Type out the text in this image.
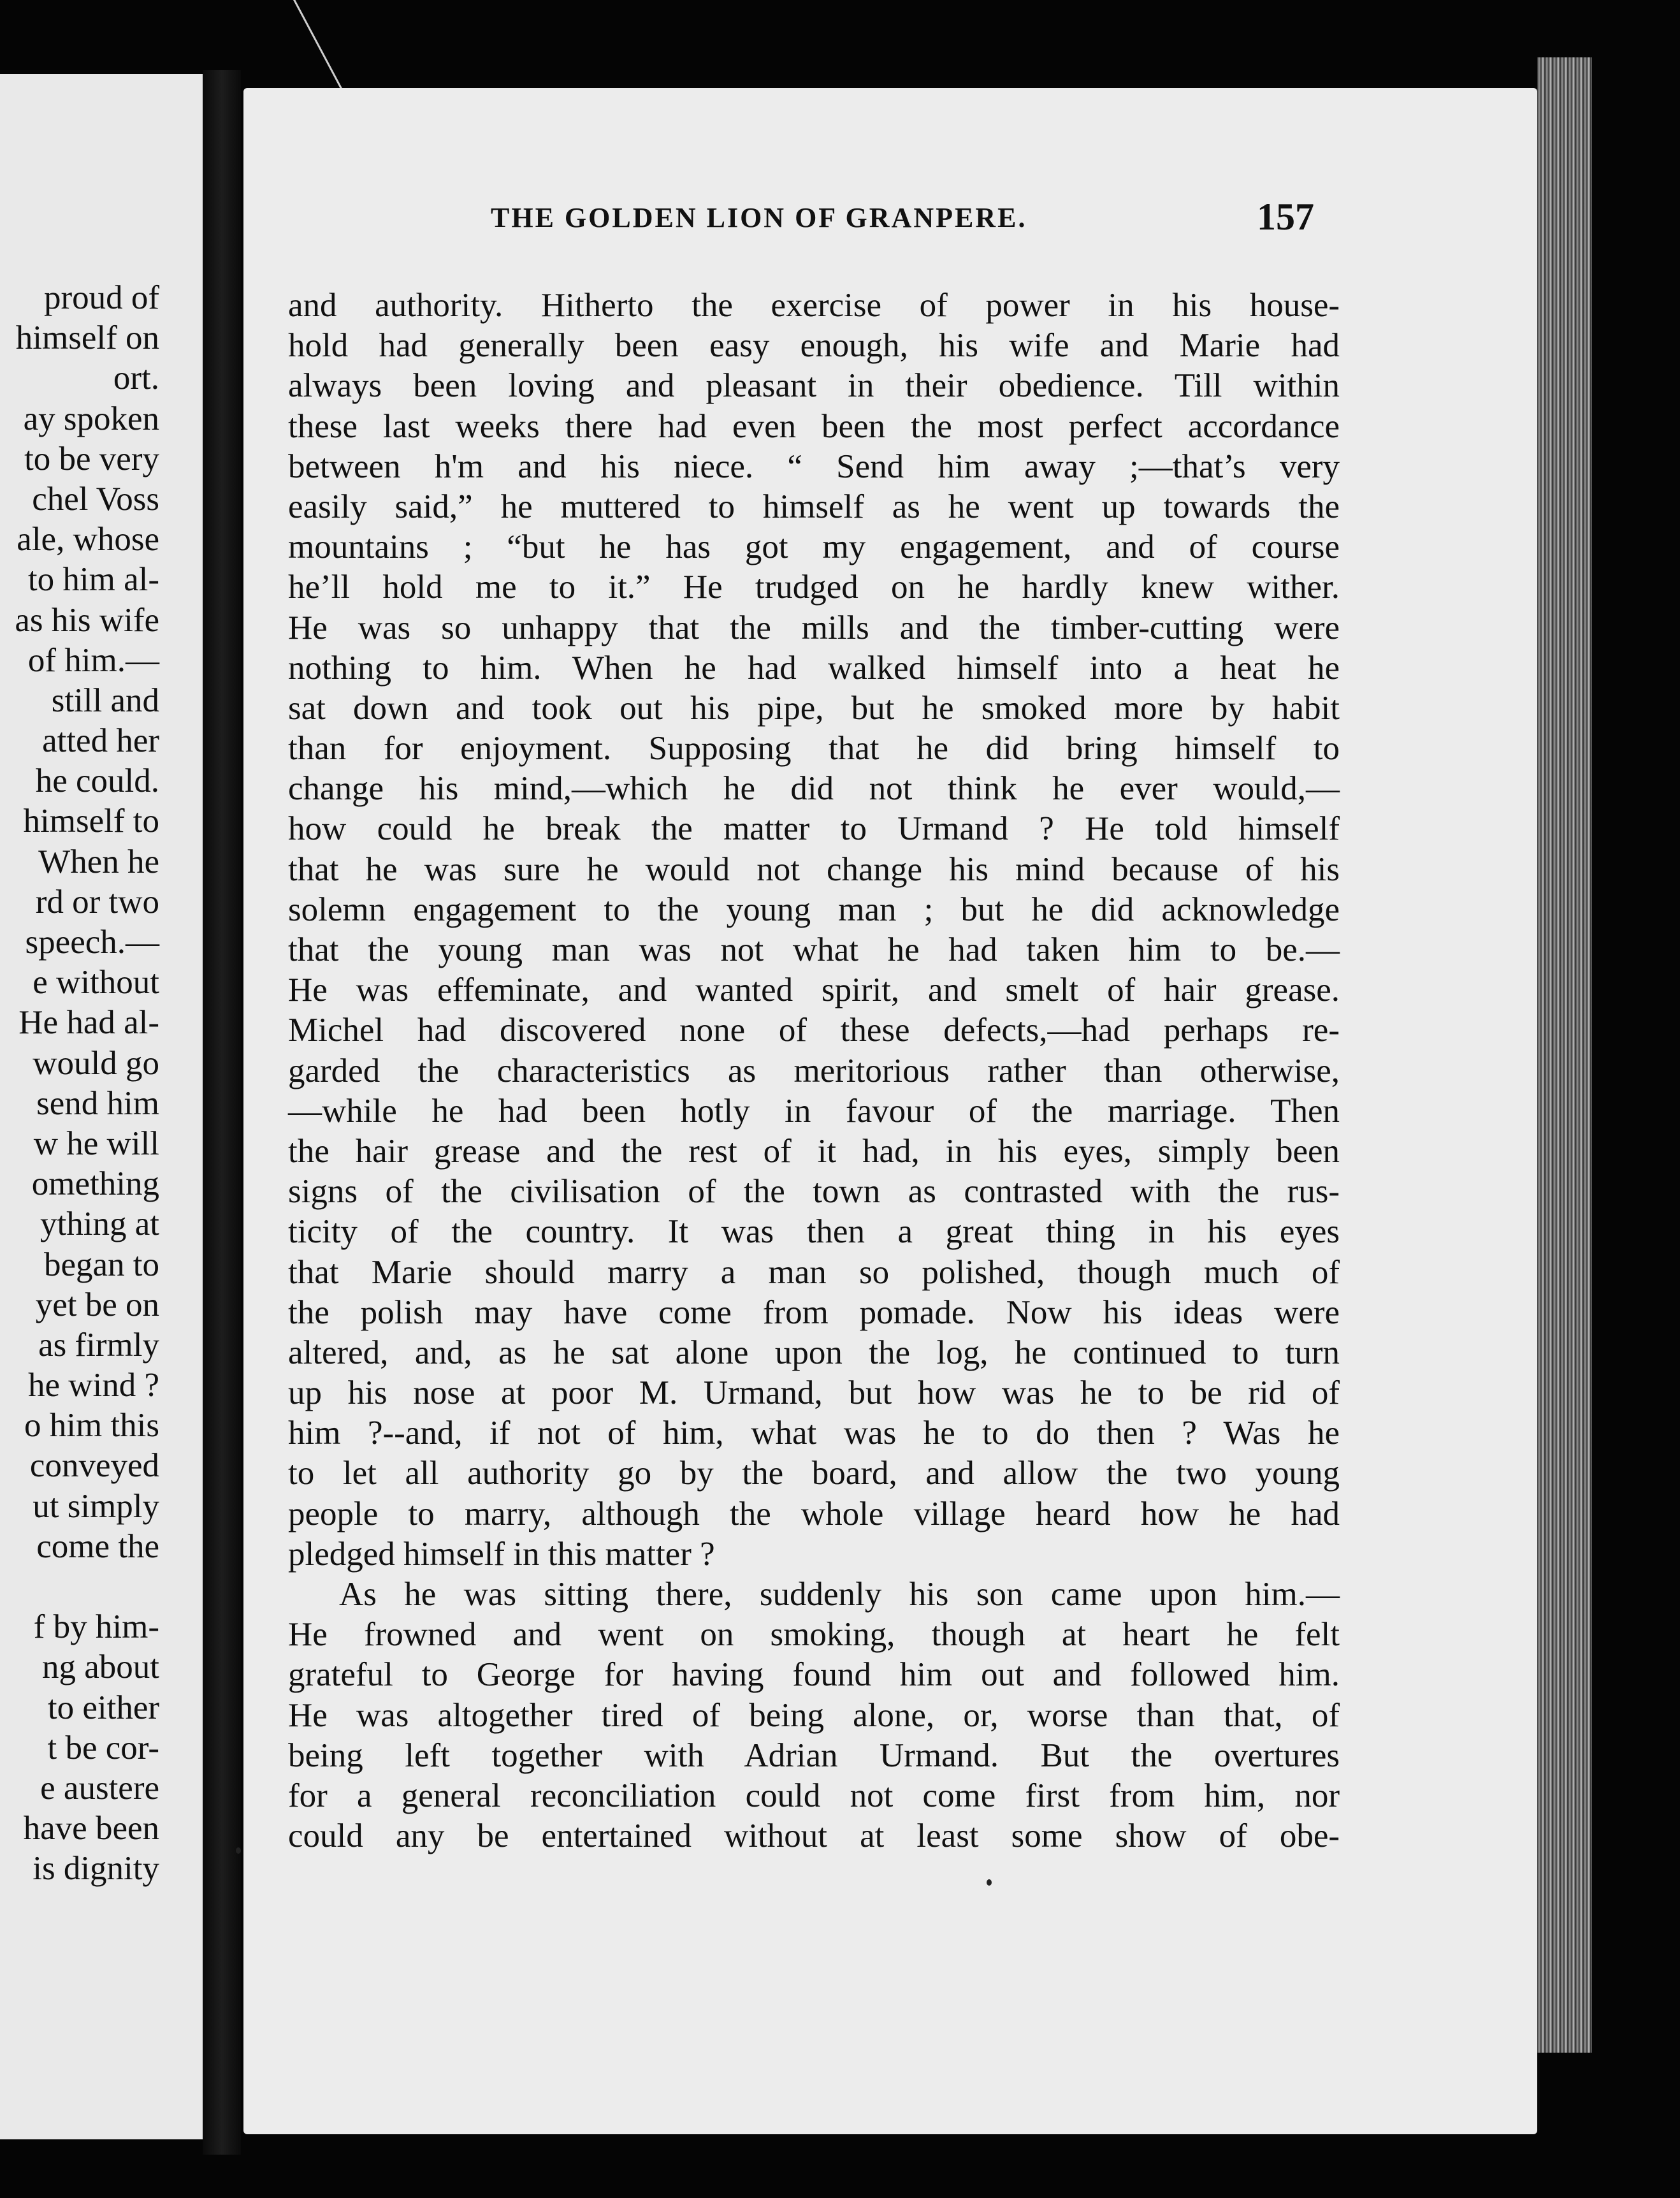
proud of
himself on
ort.
ay spoken
to be very
chel Voss
ale, whose
to him al-
as his wife
of him.—
still and
atted her
he could.
himself to
When he
rd or two
speech.—
e without
He had al-
would go
send him
w he will
omething
ything at
began to
yet be on
as firmly
he wind ?
o him this
conveyed
ut simply
come the
f by him-
ng about
to either
t be cor-
e austere
have been
is dignity
THE GOLDEN LION OF GRANPERE.	157
and authority. Hitherto the exercise of power in his house-
hold had generally been easy enough, his wife and Marie had
always been loving and pleasant in their obedience. Till within
these last weeks there had even been the most perfect accordance
between h'm and his niece. “ Send him away ;—that’s very
easily said,” he muttered to himself as he went up towards the
mountains ; “but he has got my engagement, and of course
he’ll hold me to it.” He trudged on he hardly knew wither.
He was so unhappy that the mills and the timber-cutting were
nothing to him. When he had walked himself into a heat he
sat down and took out his pipe, but he smoked more by habit
than for enjoyment. Supposing that he did bring himself to
change his mind,—which he did not think he ever would,—
how could he break the matter to Urmand ? He told himself
that he was sure he would not change his mind because of his
solemn engagement to the young man ; but he did acknowledge
that the young man was not what he had taken him to be.—
He was effeminate, and wanted spirit, and smelt of hair grease.
Michel had discovered none of these defects,—had perhaps re-
garded the characteristics as meritorious rather than otherwise,
—while he had been hotly in favour of the marriage. Then
the hair grease and the rest of it had, in his eyes, simply been
signs of the civilisation of the town as contrasted with the rus-
ticity of the country. It was then a great thing in his eyes
that Marie should marry a man so polished, though much of
the polish may have come from pomade. Now his ideas were
altered, and, as he sat alone upon the log, he continued to turn
up his nose at poor M. Urmand, but how was he to be rid of
him ?--and, if not of him, what was he to do then ? Was he
to let all authority go by the board, and allow the two young
people to marry, although the whole village heard how he had
pledged himself in this matter ?
As he was sitting there, suddenly his son came upon him.—
He frowned and went on smoking, though at heart he felt
grateful to George for having found him out and followed him.
He was altogether tired of being alone, or, worse than that, of
being left together with Adrian Urmand. But the overtures
for a general reconciliation could not come first from him, nor
could any be entertained without at least some show of obe-
